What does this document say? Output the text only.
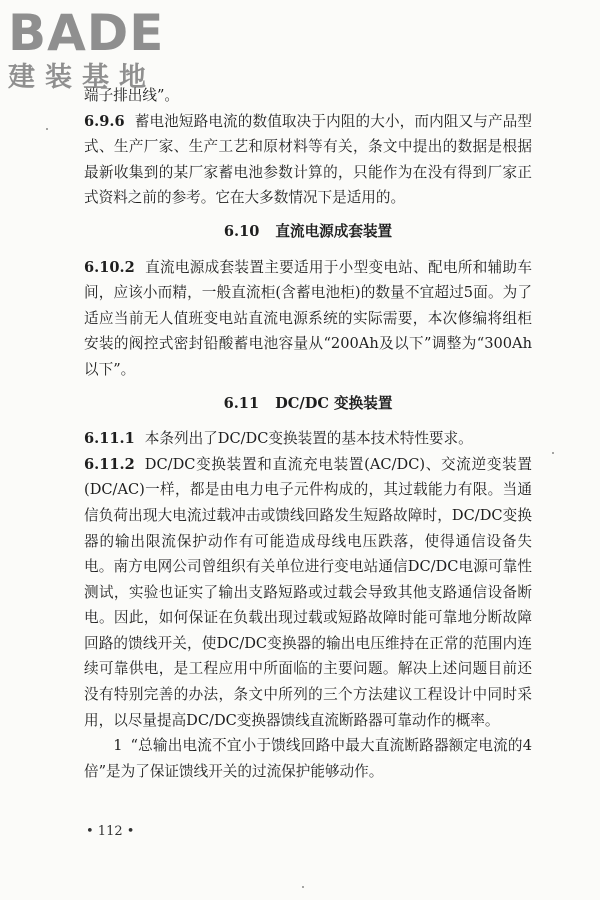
BADE
建装基地

端子排出线”。

6.9.6 蓄电池短路电流的数值取决于内阻的大小，而内阻又与产品型式、生产厂家、生产工艺和原材料等有关，条文中提出的数据是根据最新收集到的某厂家蓄电池参数计算的，只能作为在没有得到厂家正式资料之前的参考。它在大多数情况下是适用的。

6.10 直流电源成套装置

6.10.2 直流电源成套装置主要适用于小型变电站、配电所和辅助车间，应该小而精，一般直流柜(含蓄电池柜)的数量不宜超过5面。为了适应当前无人值班变电站直流电源系统的实际需要，本次修编将组柜安装的阀控式密封铅酸蓄电池容量从“200Ah及以下”调整为“300Ah以下”。

6.11 DC/DC 变换装置

6.11.1 本条列出了DC/DC变换装置的基本技术特性要求。

6.11.2 DC/DC变换装置和直流充电装置(AC/DC)、交流逆变装置(DC/AC)一样，都是由电力电子元件构成的，其过载能力有限。当通信负荷出现大电流过载冲击或馈线回路发生短路故障时，DC/DC变换器的输出限流保护动作有可能造成母线电压跌落，使得通信设备失电。南方电网公司曾组织有关单位进行变电站通信DC/DC电源可靠性测试，实验也证实了输出支路短路或过载会导致其他支路通信设备断电。因此，如何保证在负载出现过载或短路故障时能可靠地分断故障回路的馈线开关，使DC/DC变换器的输出电压维持在正常的范围内连续可靠供电，是工程应用中所面临的主要问题。解决上述问题目前还没有特别完善的办法，条文中所列的三个方法建议工程设计中同时采用，以尽量提高DC/DC变换器馈线直流断路器可靠动作的概率。

1 “总输出电流不宜小于馈线回路中最大直流断路器额定电流的4倍”是为了保证馈线开关的过流保护能够动作。

• 112 •
